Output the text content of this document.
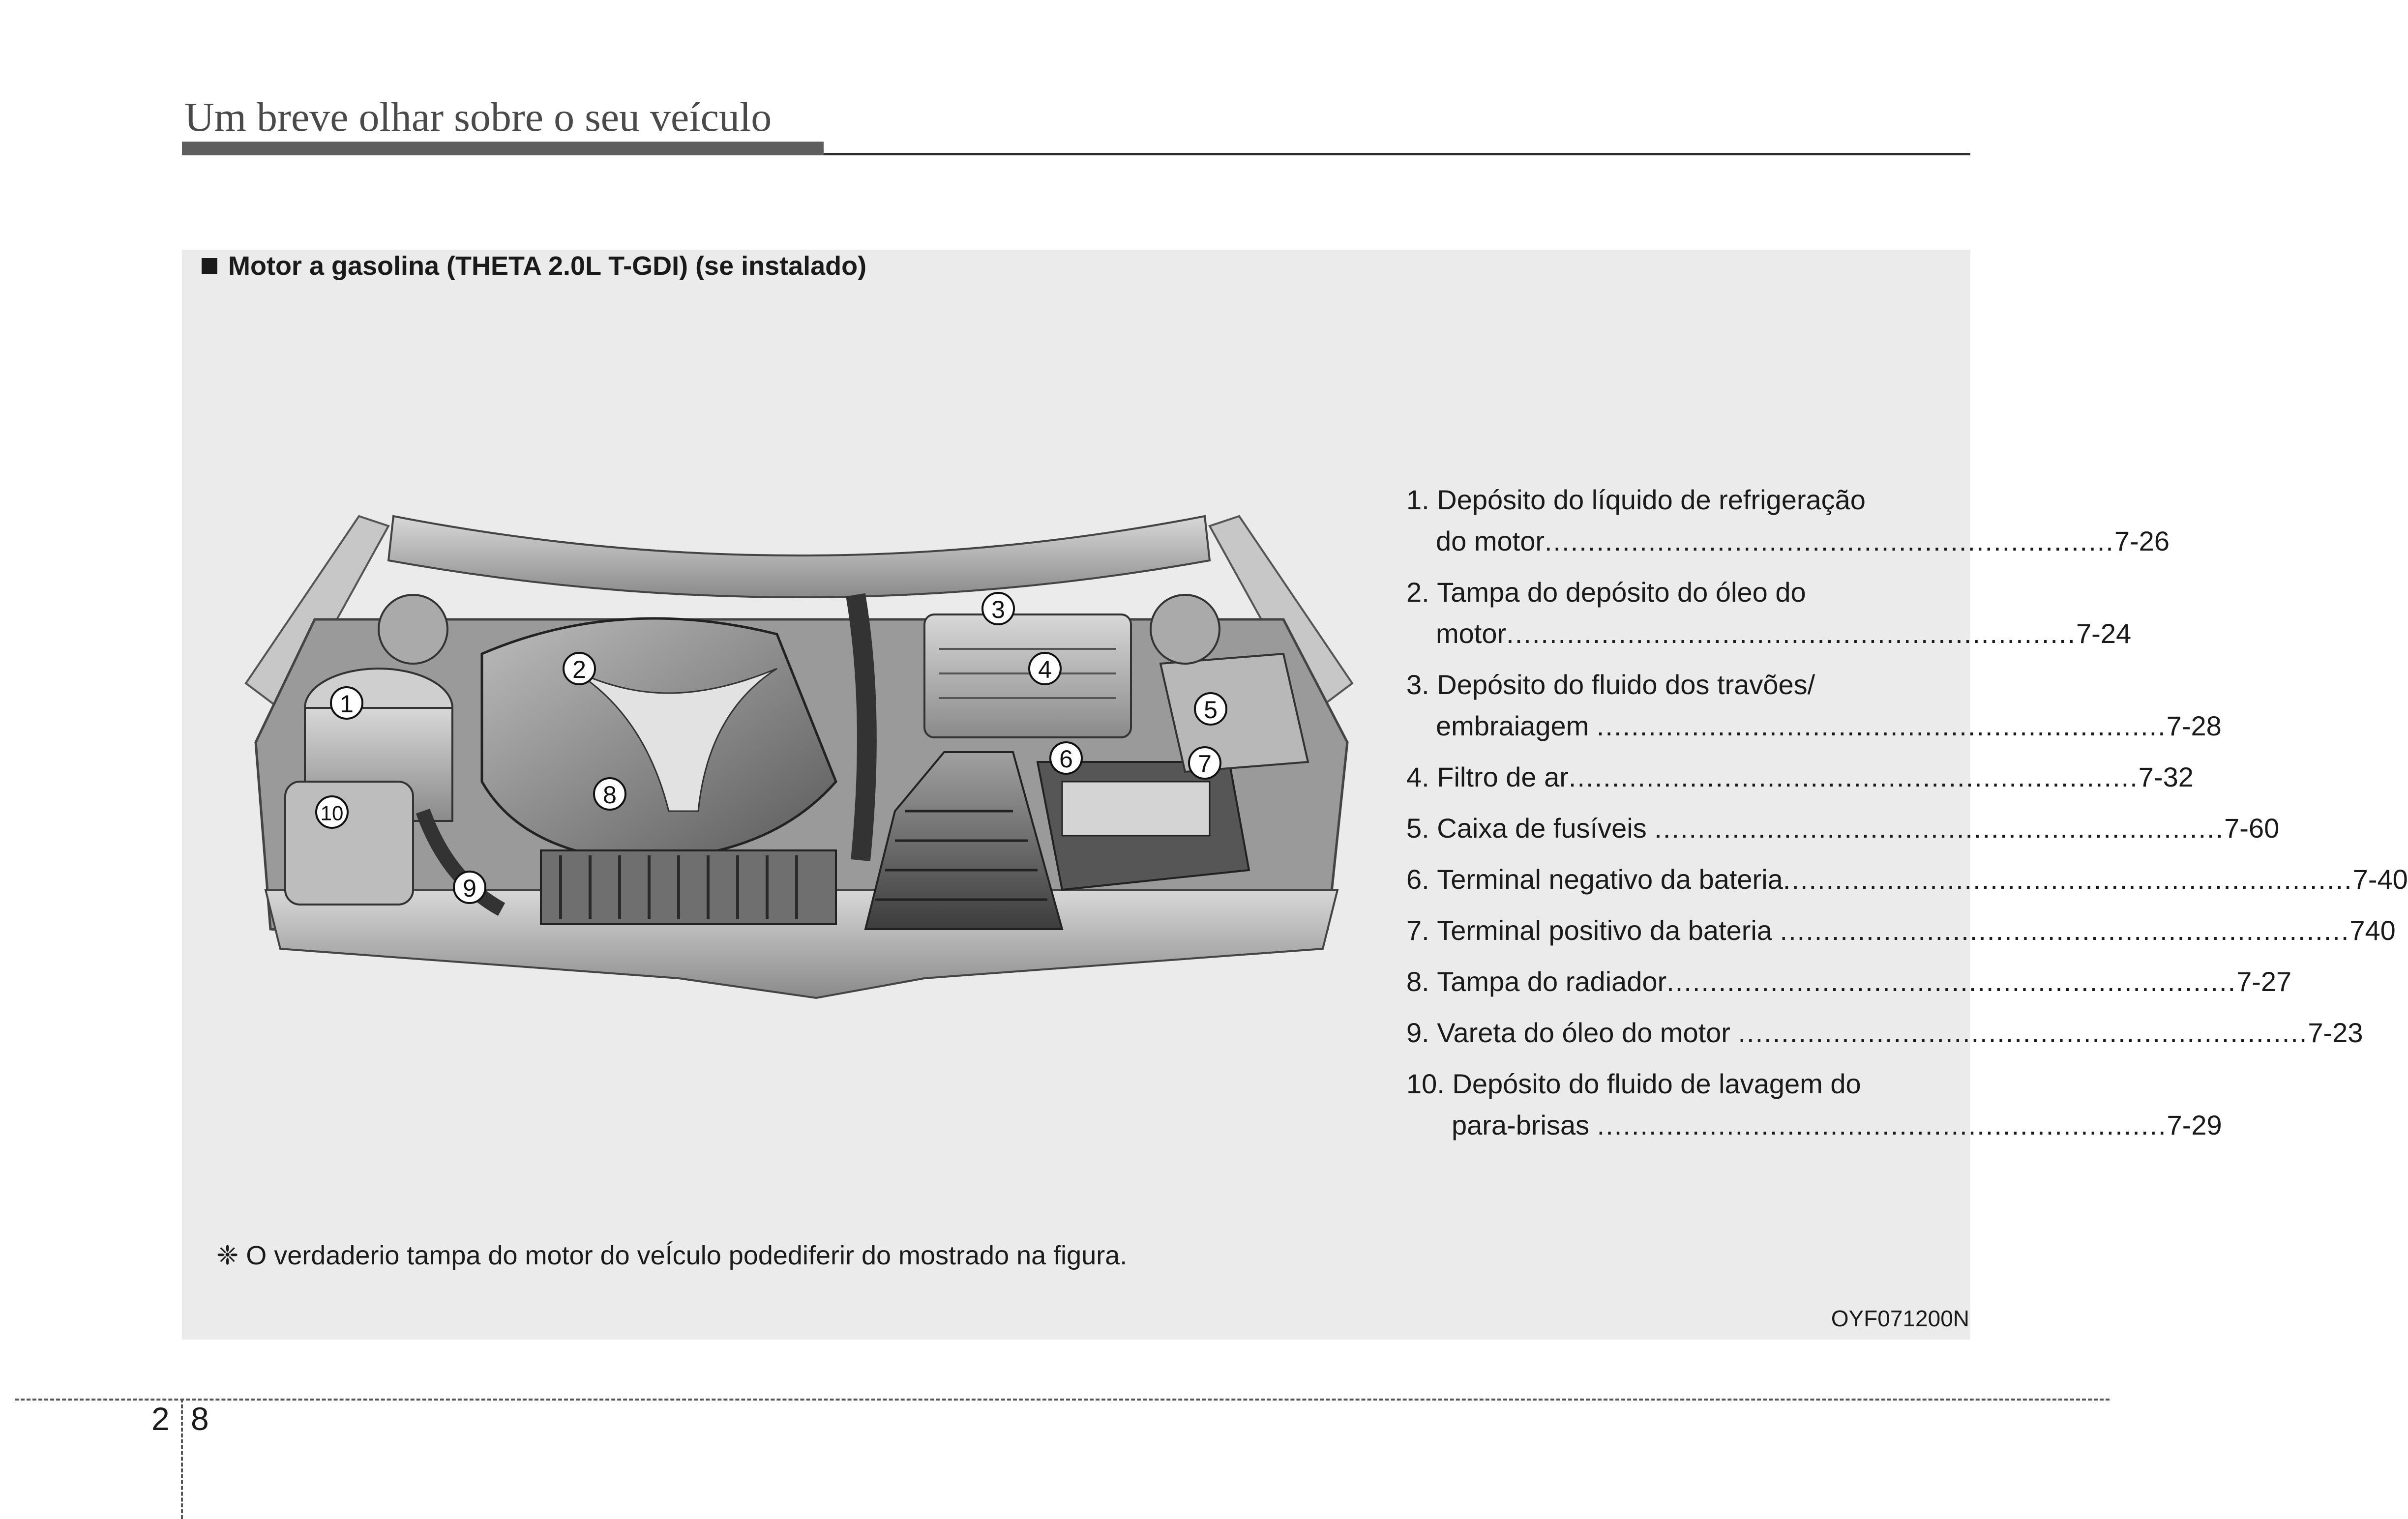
Um breve olhar sobre o seu veículo
Motor a gasolina (THETA 2.0L T-GDI) (se instalado)
1
2
3
4
5
6	7
8
9
10
1.
Depósito do líquido de refrigeração
do motor .................................................................. 7-26
2.
Tampa do depósito do óleo do
motor .................................................................. 7-24
3.
Depósito do fluido dos travões/
embraiagem
.................................................................. 7-28
4.
Filtro de ar .................................................................. 7-32
5.
Caixa de fusíveis
.................................................................. 7-60
6.
Terminal negativo da bateria .................................................................. 7-40
7.
Terminal positivo da bateria
.................................................................. 740
8.
Tampa do radiador .................................................................. 7-27
9.
Vareta do óleo do motor
.................................................................. 7-23
10.
Depósito do fluido de lavagem do
para-brisas
.................................................................. 7-29
❈ O verdaderio tampa do motor do veÍculo podediferir do mostrado na figura.
OYF071200N
2 8
